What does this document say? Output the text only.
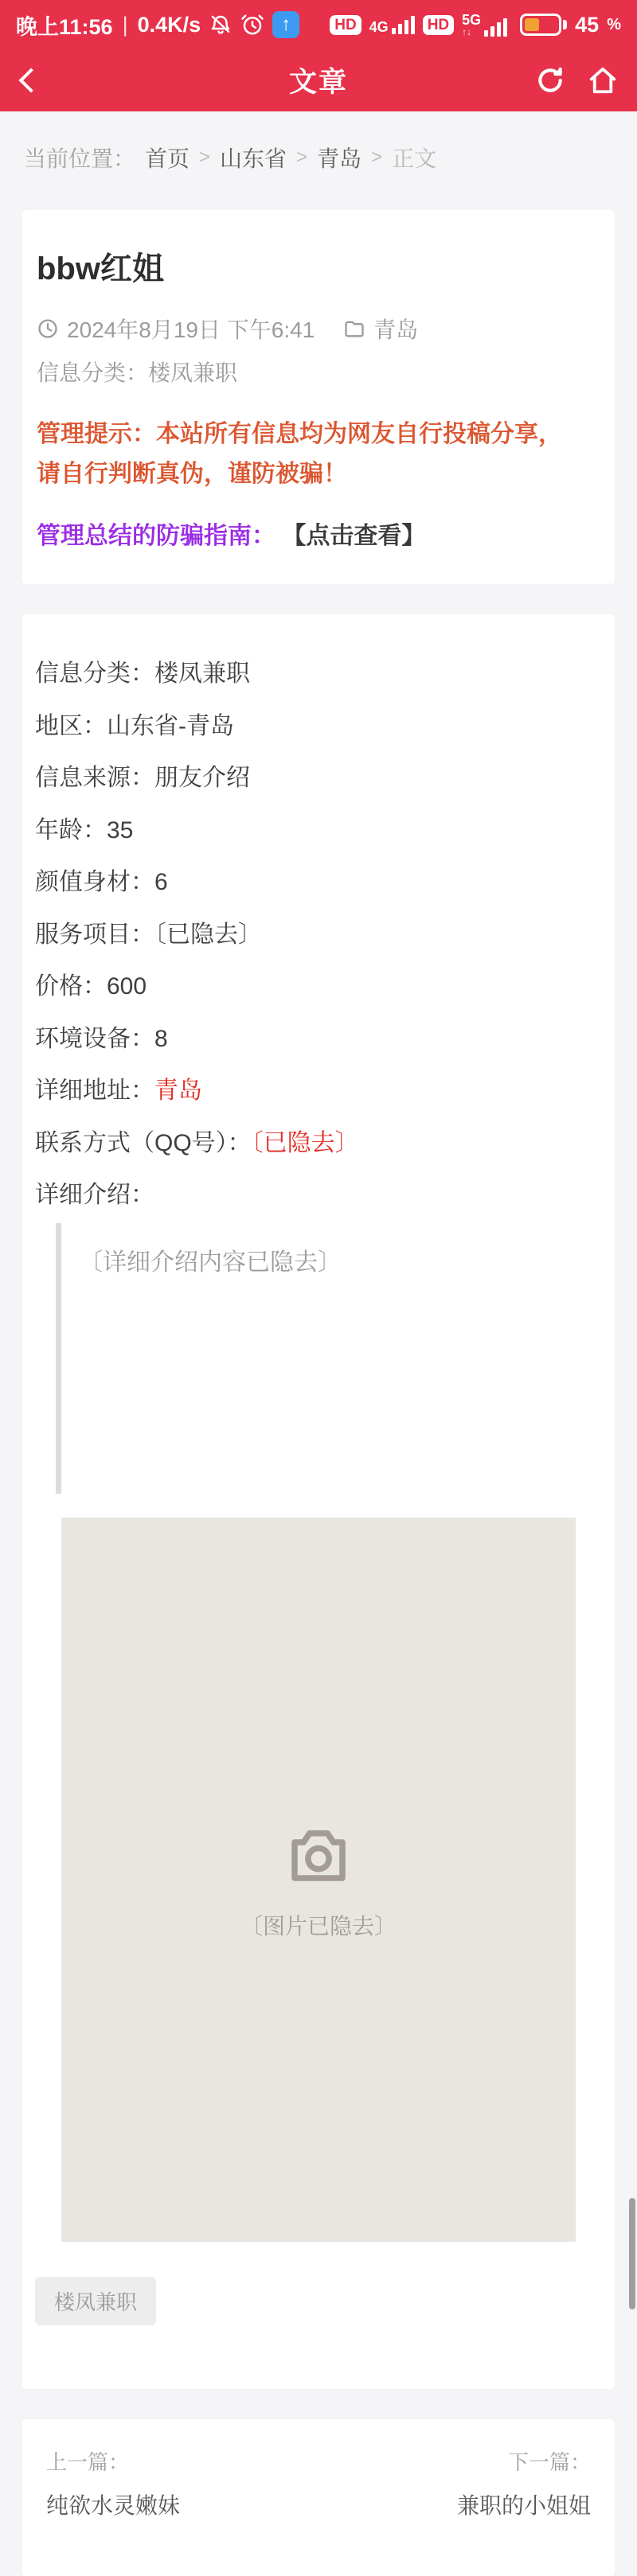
晚上11:56 | 0.4K/s	↑	HD 4G	HD 5G
↑↓	45 %
文章
当前位置： 首页 > 山东省 > 青岛 > 正文
bbw红姐
2024年8月19日 下午6:41	青岛
信息分类：楼凤兼职
管理提示：本站所有信息均为网友自行投稿分享，
请自行判断真伪，谨防被骗！
管理总结的防骗指南： 【点击查看】
信息分类：楼凤兼职
地区：山东省-青岛
信息来源：朋友介绍
年龄：35
颜值身材：6
服务项目：〔已隐去〕
价格：600
环境设备：8
详细地址：青岛
联系方式（QQ号）：〔已隐去〕
详细介绍：
〔详细介绍内容已隐去〕
〔图片已隐去〕
楼凤兼职
上一篇：
纯欲水灵嫩妹
下一篇：
兼职的小姐姐
